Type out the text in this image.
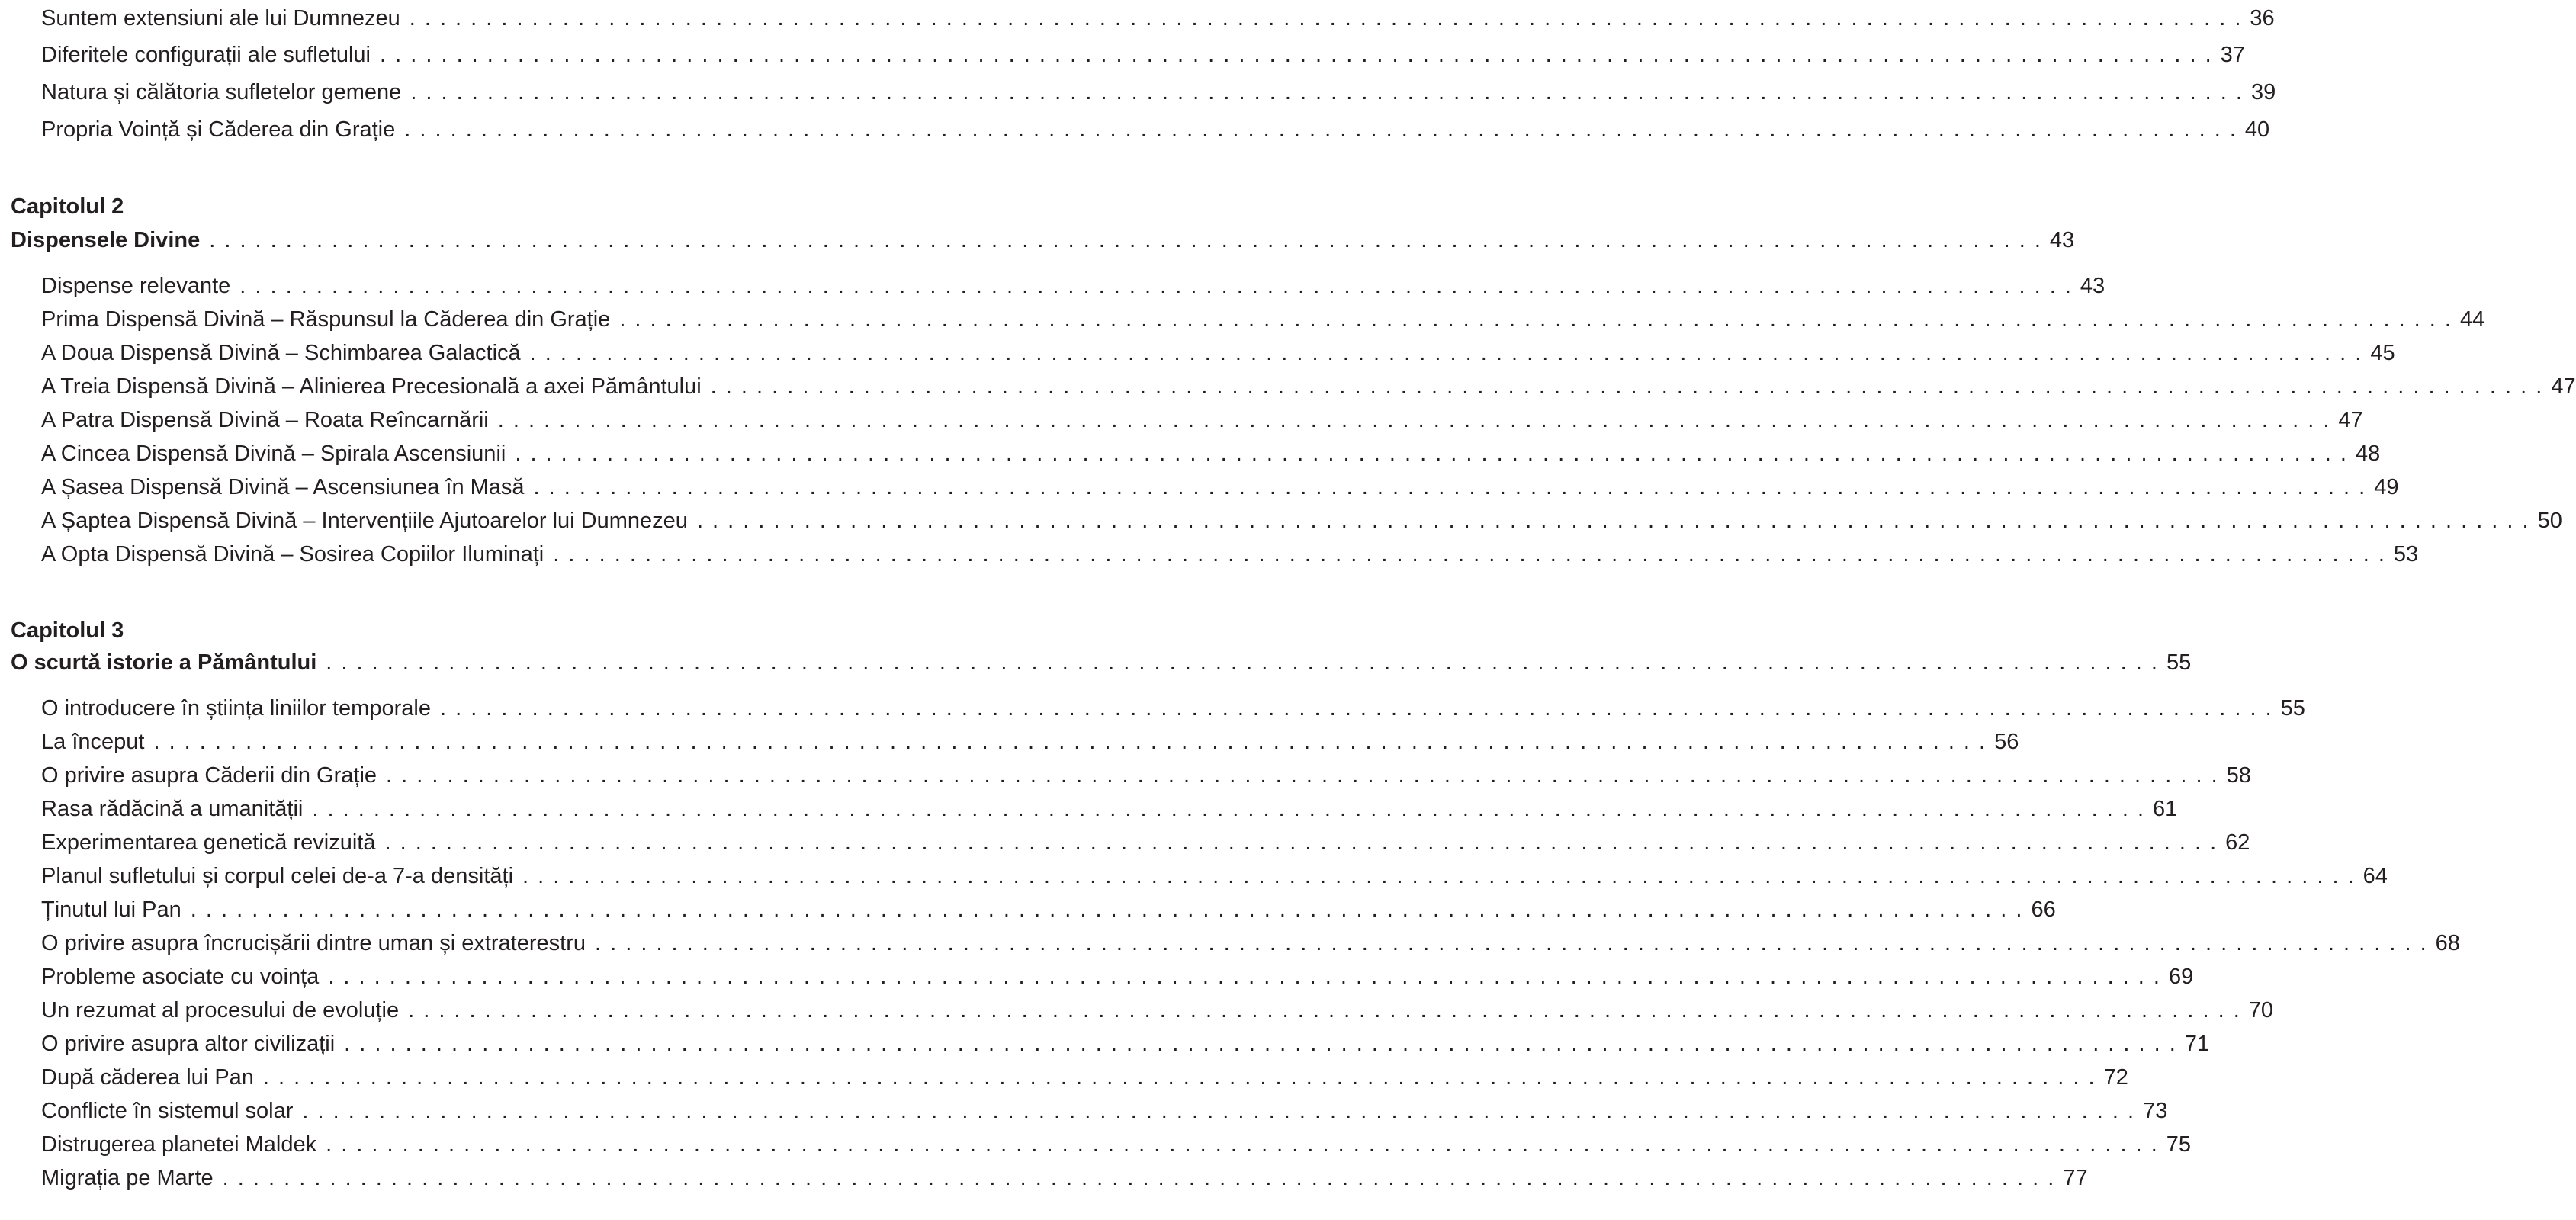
Suntem extensiuni ale lui Dumnezeu . . . . . . . . . . . . . . . . . . . . . . . . . . . . . . . . . . . . . . . . . . . . . . . . . . . . . . . . . . . . . . . . . . . . . . . . . . . . . . . . . . . . . . . . . . . . . . . . . . . . . . . . . . . . . . . . . . . . . . . . 36
Diferitele configurații ale sufletului . . . . . . . . . . . . . . . . . . . . . . . . . . . . . . . . . . . . . . . . . . . . . . . . . . . . . . . . . . . . . . . . . . . . . . . . . . . . . . . . . . . . . . . . . . . . . . . . . . . . . . . . . . . . . . . . . . . . . . . . 37
Natura și călătoria sufletelor gemene . . . . . . . . . . . . . . . . . . . . . . . . . . . . . . . . . . . . . . . . . . . . . . . . . . . . . . . . . . . . . . . . . . . . . . . . . . . . . . . . . . . . . . . . . . . . . . . . . . . . . . . . . . . . . . . . . . . . . . . . 39
Propria Voință și Căderea din Grație . . . . . . . . . . . . . . . . . . . . . . . . . . . . . . . . . . . . . . . . . . . . . . . . . . . . . . . . . . . . . . . . . . . . . . . . . . . . . . . . . . . . . . . . . . . . . . . . . . . . . . . . . . . . . . . . . . . . . . . . 40
Capitolul 2
Dispensele Divine . . . . . . . . . . . . . . . . . . . . . . . . . . . . . . . . . . . . . . . . . . . . . . . . . . . . . . . . . . . . . . . . . . . . . . . . . . . . . . . . . . . . . . . . . . . . . . . . . . . . . . . . . . . . . . . . . . . . . . . . 43
Dispense relevante . . . . . . . . . . . . . . . . . . . . . . . . . . . . . . . . . . . . . . . . . . . . . . . . . . . . . . . . . . . . . . . . . . . . . . . . . . . . . . . . . . . . . . . . . . . . . . . . . . . . . . . . . . . . . . . . . . . . . . . . 43
Prima Dispensă Divină – Răspunsul la Căderea din Grație . . . . . . . . . . . . . . . . . . . . . . . . . . . . . . . . . . . . . . . . . . . . . . . . . . . . . . . . . . . . . . . . . . . . . . . . . . . . . . . . . . . . . . . . . . . . . . . . . . . . . . . . . . . . . . . . . . . . . . . . 44
A Doua Dispensă Divină – Schimbarea Galactică . . . . . . . . . . . . . . . . . . . . . . . . . . . . . . . . . . . . . . . . . . . . . . . . . . . . . . . . . . . . . . . . . . . . . . . . . . . . . . . . . . . . . . . . . . . . . . . . . . . . . . . . . . . . . . . . . . . . . . . . 45
A Treia Dispensă Divină – Alinierea Precesională a axei Pământului . . . . . . . . . . . . . . . . . . . . . . . . . . . . . . . . . . . . . . . . . . . . . . . . . . . . . . . . . . . . . . . . . . . . . . . . . . . . . . . . . . . . . . . . . . . . . . . . . . . . . . . . . . . . . . . . . . . . . . . . 47
A Patra Dispensă Divină – Roata Reîncarnării . . . . . . . . . . . . . . . . . . . . . . . . . . . . . . . . . . . . . . . . . . . . . . . . . . . . . . . . . . . . . . . . . . . . . . . . . . . . . . . . . . . . . . . . . . . . . . . . . . . . . . . . . . . . . . . . . . . . . . . . 47
A Cincea Dispensă Divină – Spirala Ascensiunii . . . . . . . . . . . . . . . . . . . . . . . . . . . . . . . . . . . . . . . . . . . . . . . . . . . . . . . . . . . . . . . . . . . . . . . . . . . . . . . . . . . . . . . . . . . . . . . . . . . . . . . . . . . . . . . . . . . . . . . . 48
A Șasea Dispensă Divină – Ascensiunea în Masă . . . . . . . . . . . . . . . . . . . . . . . . . . . . . . . . . . . . . . . . . . . . . . . . . . . . . . . . . . . . . . . . . . . . . . . . . . . . . . . . . . . . . . . . . . . . . . . . . . . . . . . . . . . . . . . . . . . . . . . . 49
A Șaptea Dispensă Divină – Intervențiile Ajutoarelor lui Dumnezeu . . . . . . . . . . . . . . . . . . . . . . . . . . . . . . . . . . . . . . . . . . . . . . . . . . . . . . . . . . . . . . . . . . . . . . . . . . . . . . . . . . . . . . . . . . . . . . . . . . . . . . . . . . . . . . . . . . . . . . . . 50
A Opta Dispensă Divină – Sosirea Copiilor Iluminați . . . . . . . . . . . . . . . . . . . . . . . . . . . . . . . . . . . . . . . . . . . . . . . . . . . . . . . . . . . . . . . . . . . . . . . . . . . . . . . . . . . . . . . . . . . . . . . . . . . . . . . . . . . . . . . . . . . . . . . . 53
Capitolul 3
O scurtă istorie a Pământului . . . . . . . . . . . . . . . . . . . . . . . . . . . . . . . . . . . . . . . . . . . . . . . . . . . . . . . . . . . . . . . . . . . . . . . . . . . . . . . . . . . . . . . . . . . . . . . . . . . . . . . . . . . . . . . . . . . . . . . . 55
O introducere în știința liniilor temporale . . . . . . . . . . . . . . . . . . . . . . . . . . . . . . . . . . . . . . . . . . . . . . . . . . . . . . . . . . . . . . . . . . . . . . . . . . . . . . . . . . . . . . . . . . . . . . . . . . . . . . . . . . . . . . . . . . . . . . . . 55
La început . . . . . . . . . . . . . . . . . . . . . . . . . . . . . . . . . . . . . . . . . . . . . . . . . . . . . . . . . . . . . . . . . . . . . . . . . . . . . . . . . . . . . . . . . . . . . . . . . . . . . . . . . . . . . . . . . . . . . . . . 56
O privire asupra Căderii din Grație . . . . . . . . . . . . . . . . . . . . . . . . . . . . . . . . . . . . . . . . . . . . . . . . . . . . . . . . . . . . . . . . . . . . . . . . . . . . . . . . . . . . . . . . . . . . . . . . . . . . . . . . . . . . . . . . . . . . . . . . 58
Rasa rădăcină a umanității . . . . . . . . . . . . . . . . . . . . . . . . . . . . . . . . . . . . . . . . . . . . . . . . . . . . . . . . . . . . . . . . . . . . . . . . . . . . . . . . . . . . . . . . . . . . . . . . . . . . . . . . . . . . . . . . . . . . . . . . 61
Experimentarea genetică revizuită . . . . . . . . . . . . . . . . . . . . . . . . . . . . . . . . . . . . . . . . . . . . . . . . . . . . . . . . . . . . . . . . . . . . . . . . . . . . . . . . . . . . . . . . . . . . . . . . . . . . . . . . . . . . . . . . . . . . . . . . 62
Planul sufletului și corpul celei de-a 7-a densități . . . . . . . . . . . . . . . . . . . . . . . . . . . . . . . . . . . . . . . . . . . . . . . . . . . . . . . . . . . . . . . . . . . . . . . . . . . . . . . . . . . . . . . . . . . . . . . . . . . . . . . . . . . . . . . . . . . . . . . . 64
Ținutul lui Pan . . . . . . . . . . . . . . . . . . . . . . . . . . . . . . . . . . . . . . . . . . . . . . . . . . . . . . . . . . . . . . . . . . . . . . . . . . . . . . . . . . . . . . . . . . . . . . . . . . . . . . . . . . . . . . . . . . . . . . . . 66
O privire asupra încrucișării dintre uman și extraterestru . . . . . . . . . . . . . . . . . . . . . . . . . . . . . . . . . . . . . . . . . . . . . . . . . . . . . . . . . . . . . . . . . . . . . . . . . . . . . . . . . . . . . . . . . . . . . . . . . . . . . . . . . . . . . . . . . . . . . . . . 68
Probleme asociate cu voința . . . . . . . . . . . . . . . . . . . . . . . . . . . . . . . . . . . . . . . . . . . . . . . . . . . . . . . . . . . . . . . . . . . . . . . . . . . . . . . . . . . . . . . . . . . . . . . . . . . . . . . . . . . . . . . . . . . . . . . . 69
Un rezumat al procesului de evoluție . . . . . . . . . . . . . . . . . . . . . . . . . . . . . . . . . . . . . . . . . . . . . . . . . . . . . . . . . . . . . . . . . . . . . . . . . . . . . . . . . . . . . . . . . . . . . . . . . . . . . . . . . . . . . . . . . . . . . . . . 70
O privire asupra altor civilizații . . . . . . . . . . . . . . . . . . . . . . . . . . . . . . . . . . . . . . . . . . . . . . . . . . . . . . . . . . . . . . . . . . . . . . . . . . . . . . . . . . . . . . . . . . . . . . . . . . . . . . . . . . . . . . . . . . . . . . . . 71
După căderea lui Pan . . . . . . . . . . . . . . . . . . . . . . . . . . . . . . . . . . . . . . . . . . . . . . . . . . . . . . . . . . . . . . . . . . . . . . . . . . . . . . . . . . . . . . . . . . . . . . . . . . . . . . . . . . . . . . . . . . . . . . . . 72
Conflicte în sistemul solar . . . . . . . . . . . . . . . . . . . . . . . . . . . . . . . . . . . . . . . . . . . . . . . . . . . . . . . . . . . . . . . . . . . . . . . . . . . . . . . . . . . . . . . . . . . . . . . . . . . . . . . . . . . . . . . . . . . . . . . . 73
Distrugerea planetei Maldek . . . . . . . . . . . . . . . . . . . . . . . . . . . . . . . . . . . . . . . . . . . . . . . . . . . . . . . . . . . . . . . . . . . . . . . . . . . . . . . . . . . . . . . . . . . . . . . . . . . . . . . . . . . . . . . . . . . . . . . . 75
Migrația pe Marte . . . . . . . . . . . . . . . . . . . . . . . . . . . . . . . . . . . . . . . . . . . . . . . . . . . . . . . . . . . . . . . . . . . . . . . . . . . . . . . . . . . . . . . . . . . . . . . . . . . . . . . . . . . . . . . . . . . . . . . . 77
